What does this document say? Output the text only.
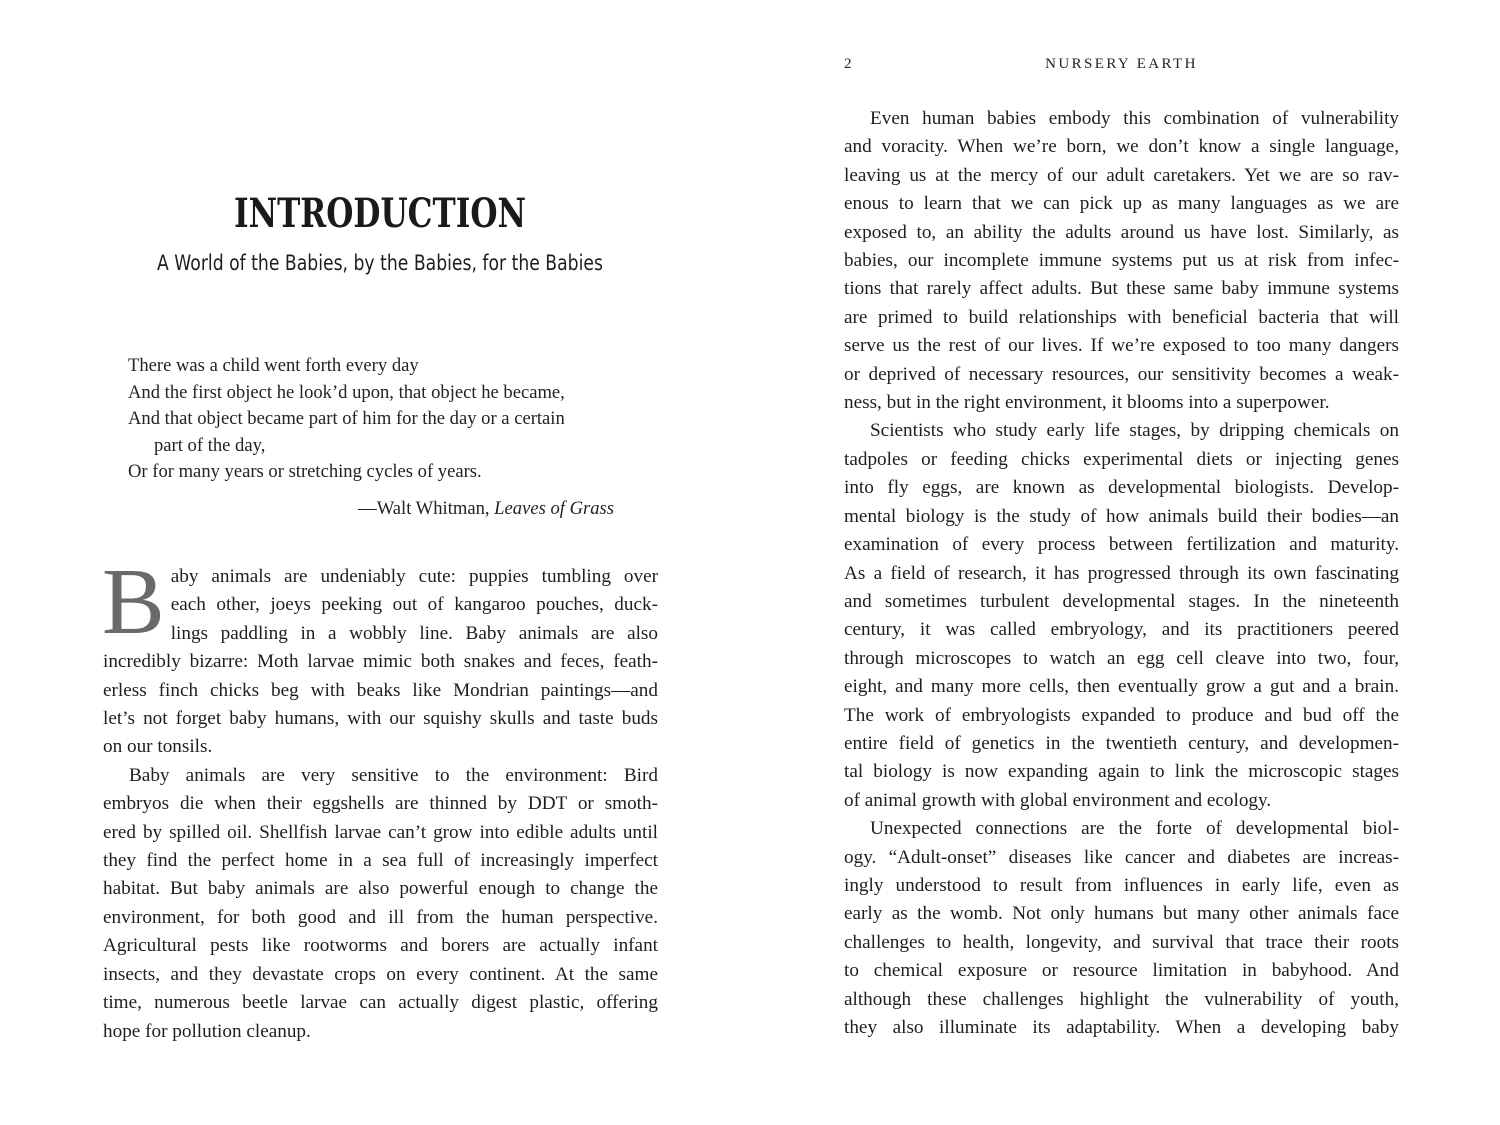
INTRODUCTION
A World of the Babies, by the Babies, for the Babies
There was a child went forth every day
And the first object he look’d upon, that object he became,
And that object became part of him for the day or a certain
part of the day,
Or for many years or stretching cycles of years.
—Walt Whitman, Leaves of Grass
B aby animals are undeniably cute: puppies tumbling over
each other, joeys peeking out of kangaroo pouches, duck-
lings paddling in a wobbly line. Baby animals are also
incredibly bizarre: Moth larvae mimic both snakes and feces, feath-
erless finch chicks beg with beaks like Mondrian paintings—and
let’s not forget baby humans, with our squishy skulls and taste buds
on our tonsils.
Baby animals are very sensitive to the environment: Bird
embryos die when their eggshells are thinned by DDT or smoth-
ered by spilled oil. Shellfish larvae can’t grow into edible adults until
they find the perfect home in a sea full of increasingly imperfect
habitat. But baby animals are also powerful enough to change the
environment, for both good and ill from the human perspective.
Agricultural pests like rootworms and borers are actually infant
insects, and they devastate crops on every continent. At the same
time, numerous beetle larvae can actually digest plastic, offering
hope for pollution cleanup.
2	NURSERY EARTH
Even human babies embody this combination of vulnerability
and voracity. When we’re born, we don’t know a single language,
leaving us at the mercy of our adult caretakers. Yet we are so rav-
enous to learn that we can pick up as many languages as we are
exposed to, an ability the adults around us have lost. Similarly, as
babies, our incomplete immune systems put us at risk from infec-
tions that rarely affect adults. But these same baby immune systems
are primed to build relationships with beneficial bacteria that will
serve us the rest of our lives. If we’re exposed to too many dangers
or deprived of necessary resources, our sensitivity becomes a weak-
ness, but in the right environment, it blooms into a superpower.
Scientists who study early life stages, by dripping chemicals on
tadpoles or feeding chicks experimental diets or injecting genes
into fly eggs, are known as developmental biologists. Develop-
mental biology is the study of how animals build their bodies—an
examination of every process between fertilization and maturity.
As a field of research, it has progressed through its own fascinating
and sometimes turbulent developmental stages. In the nineteenth
century, it was called embryology, and its practitioners peered
through microscopes to watch an egg cell cleave into two, four,
eight, and many more cells, then eventually grow a gut and a brain.
The work of embryologists expanded to produce and bud off the
entire field of genetics in the twentieth century, and developmen-
tal biology is now expanding again to link the microscopic stages
of animal growth with global environment and ecology.
Unexpected connections are the forte of developmental biol-
ogy. “Adult-onset” diseases like cancer and diabetes are increas-
ingly understood to result from influences in early life, even as
early as the womb. Not only humans but many other animals face
challenges to health, longevity, and survival that trace their roots
to chemical exposure or resource limitation in babyhood. And
although these challenges highlight the vulnerability of youth,
they also illuminate its adaptability. When a developing baby
